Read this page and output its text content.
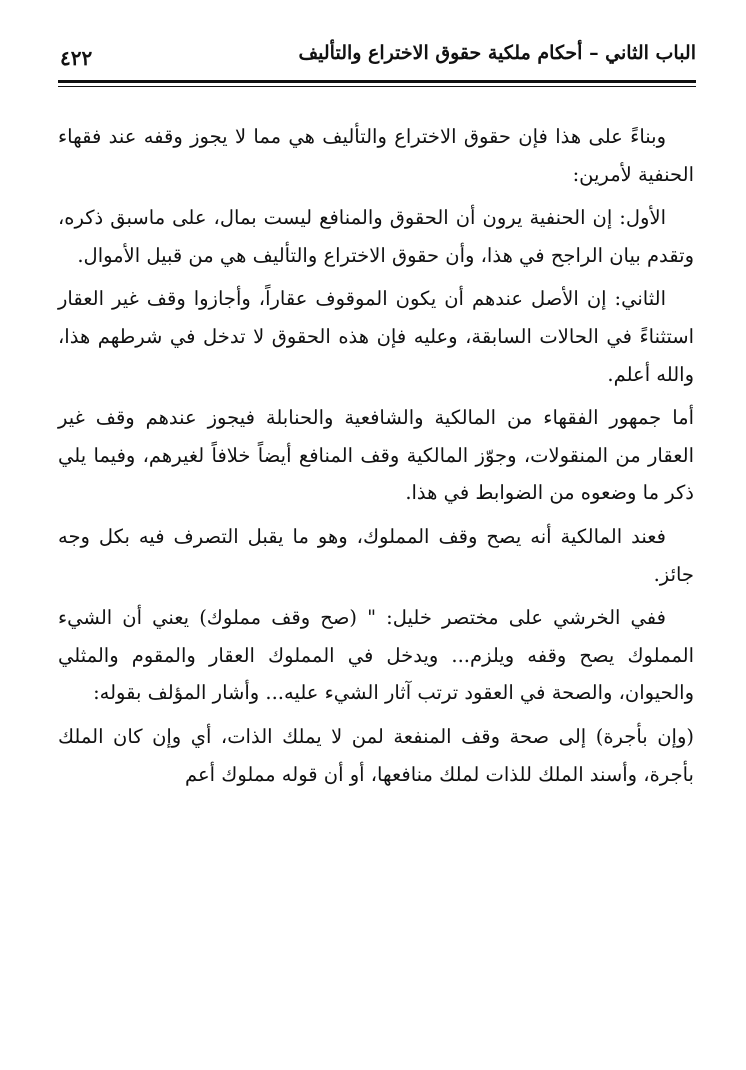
الباب الثاني – أحكام ملكية حقوق الاختراع والتأليف
٤٢٢

وبناءً على هذا فإن حقوق الاختراع والتأليف هي مما لا يجوز وقفه عند فقهاء الحنفية لأمرين:

الأول: إن الحنفية يرون أن الحقوق والمنافع ليست بمال، على ماسبق ذكره، وتقدم بيان الراجح في هذا، وأن حقوق الاختراع والتأليف هي من قبيل الأموال.

الثاني: إن الأصل عندهم أن يكون الموقوف عقاراً، وأجازوا وقف غير العقار استثناءً في الحالات السابقة، وعليه فإن هذه الحقوق لا تدخل في شرطهم هذا، والله أعلم.

أما جمهور الفقهاء من المالكية والشافعية والحنابلة فيجوز عندهم وقف غير العقار من المنقولات، وجوّز المالكية وقف المنافع أيضاً خلافاً لغيرهم، وفيما يلي ذكر ما وضعوه من الضوابط في هذا.

فعند المالكية أنه يصح وقف المملوك، وهو ما يقبل التصرف فيه بكل وجه جائز.

ففي الخرشي على مختصر خليل: " (صح وقف مملوك) يعني أن الشيء المملوك يصح وقفه ويلزم... ويدخل في المملوك العقار والمقوم والمثلي والحيوان، والصحة في العقود ترتب آثار الشيء عليه... وأشار المؤلف بقوله:

(وإن بأجرة) إلى صحة وقف المنفعة لمن لا يملك الذات، أي وإن كان الملك بأجرة، وأسند الملك للذات لملك منافعها، أو أن قوله مملوك أعم
